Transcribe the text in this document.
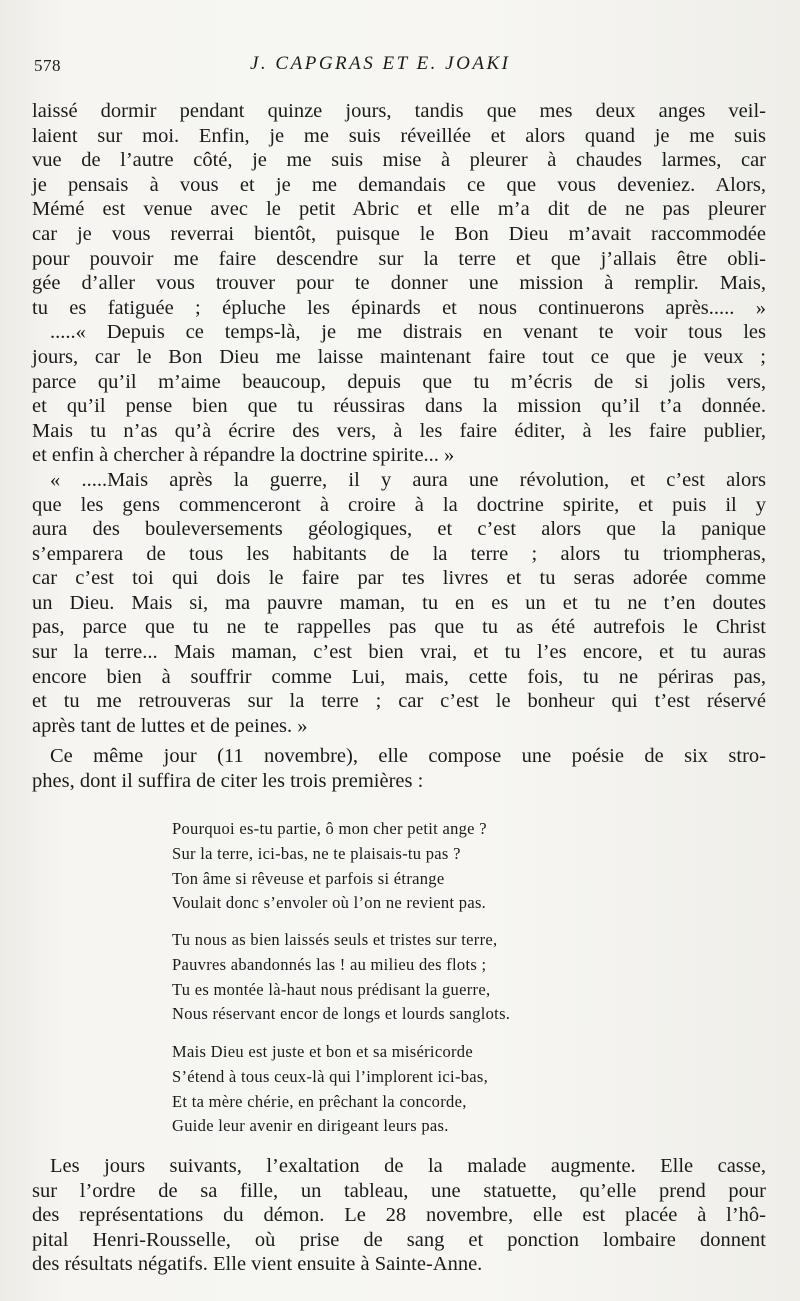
578	J. CAPGRAS ET E. JOAKI
laissé dormir pendant quinze jours, tandis que mes deux anges veil-
laient sur moi. Enfin, je me suis réveillée et alors quand je me suis
vue de l’autre côté, je me suis mise à pleurer à chaudes larmes, car
je pensais à vous et je me demandais ce que vous deveniez. Alors,
Mémé est venue avec le petit Abric et elle m’a dit de ne pas pleurer
car je vous reverrai bientôt, puisque le Bon Dieu m’avait raccommodée
pour pouvoir me faire descendre sur la terre et que j’allais être obli-
gée d’aller vous trouver pour te donner une mission à remplir. Mais,
tu es fatiguée ; épluche les épinards et nous continuerons après..... »
.....« Depuis ce temps-là, je me distrais en venant te voir tous les
jours, car le Bon Dieu me laisse maintenant faire tout ce que je veux ;
parce qu’il m’aime beaucoup, depuis que tu m’écris de si jolis vers,
et qu’il pense bien que tu réussiras dans la mission qu’il t’a donnée.
Mais tu n’as qu’à écrire des vers, à les faire éditer, à les faire publier,
et enfin à chercher à répandre la doctrine spirite... »
« .....Mais après la guerre, il y aura une révolution, et c’est alors
que les gens commenceront à croire à la doctrine spirite, et puis il y
aura des bouleversements géologiques, et c’est alors que la panique
s’emparera de tous les habitants de la terre ; alors tu triompheras,
car c’est toi qui dois le faire par tes livres et tu seras adorée comme
un Dieu. Mais si, ma pauvre maman, tu en es un et tu ne t’en doutes
pas, parce que tu ne te rappelles pas que tu as été autrefois le Christ
sur la terre... Mais maman, c’est bien vrai, et tu l’es encore, et tu auras
encore bien à souffrir comme Lui, mais, cette fois, tu ne périras pas,
et tu me retrouveras sur la terre ; car c’est le bonheur qui t’est réservé
après tant de luttes et de peines. »
Ce même jour (11 novembre), elle compose une poésie de six stro-
phes, dont il suffira de citer les trois premières :
Pourquoi es-tu partie, ô mon cher petit ange ?
Sur la terre, ici-bas, ne te plaisais-tu pas ?
Ton âme si rêveuse et parfois si étrange
Voulait donc s’envoler où l’on ne revient pas.
Tu nous as bien laissés seuls et tristes sur terre,
Pauvres abandonnés las ! au milieu des flots ;
Tu es montée là-haut nous prédisant la guerre,
Nous réservant encor de longs et lourds sanglots.
Mais Dieu est juste et bon et sa miséricorde
S’étend à tous ceux-là qui l’implorent ici-bas,
Et ta mère chérie, en prêchant la concorde,
Guide leur avenir en dirigeant leurs pas.
Les jours suivants, l’exaltation de la malade augmente. Elle casse,
sur l’ordre de sa fille, un tableau, une statuette, qu’elle prend pour
des représentations du démon. Le 28 novembre, elle est placée à l’hô-
pital Henri-Rousselle, où prise de sang et ponction lombaire donnent
des résultats négatifs. Elle vient ensuite à Sainte-Anne.
